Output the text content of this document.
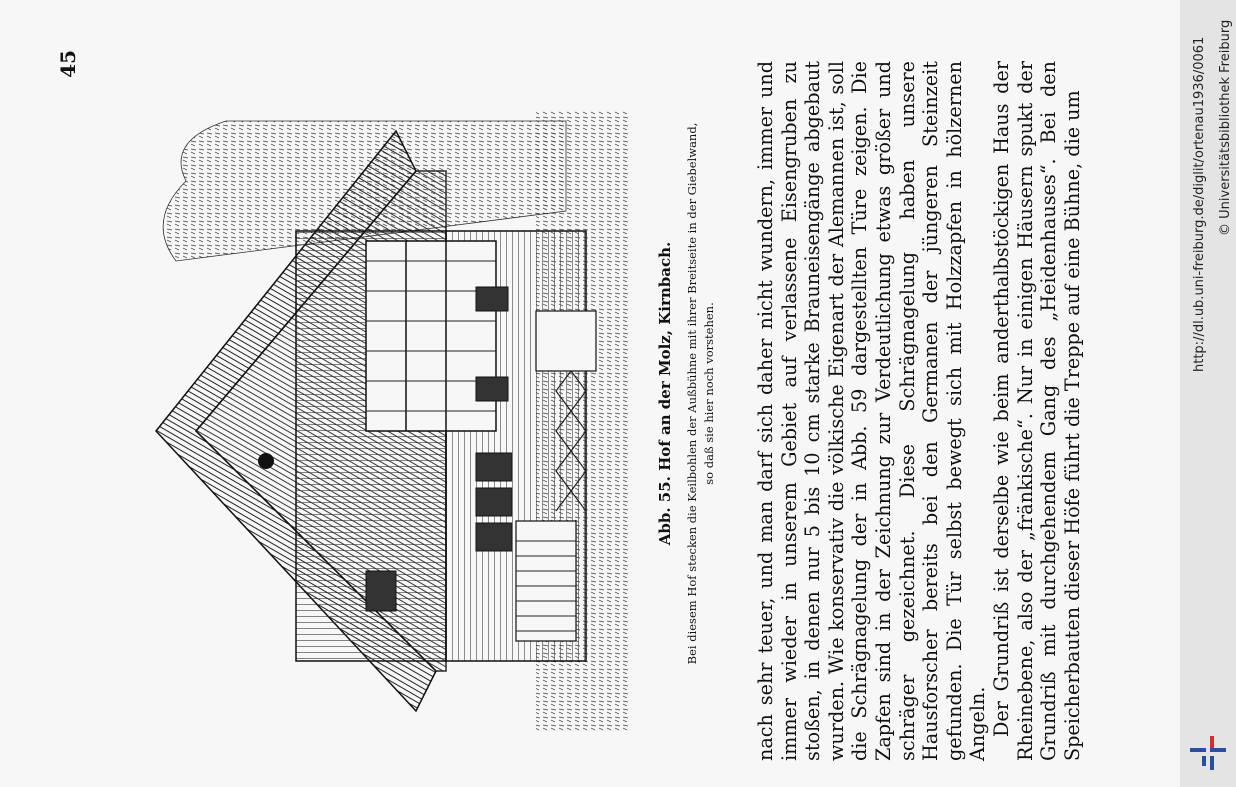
45

Abb. 55. Hof an der Molz, Kirnbach. Bei diesem Hof stecken die Keilbohlen der Außbühne mit ihrer Breitseite in der Giebelwand, so daß sie hier noch vorstehen. nach sehr teuer, und man darf sich daher nicht wundern, immer und immer wieder in unserem Gebiet auf verlassene Eisengruben zu stoßen, in denen nur 5 bis 10 cm starke Brauneisengänge abgebaut wurden. Wie konservativ die völkische Eigenart der Alemannen ist, soll die Schrägnagelung der in Abb. 59 dargestellten Türe zeigen. Die Zapfen sind in der Zeichnung zur Verdeutlichung etwas größer und schräger gezeichnet. Diese Schrägnagelung haben unsere Hausforscher bereits bei den Germanen der jüngeren Steinzeit gefunden. Die Tür selbst bewegt sich mit Holzzapfen in hölzernen Angeln. Der Grundriß ist derselbe wie beim anderthalbstöckigen Haus der Rheinebene, also der „fränkische“. Nur in einigen Häusern spukt der Grundriß mit durchgehendem Gang des „Heidenhauses“. Bei den Speicherbauten dieser Höfe führt die Treppe auf eine Bühne, die um	http://dl.ub.uni-freiburg.de/diglit/ortenau1936/0061 © Universitätsbibliothek Freiburg
